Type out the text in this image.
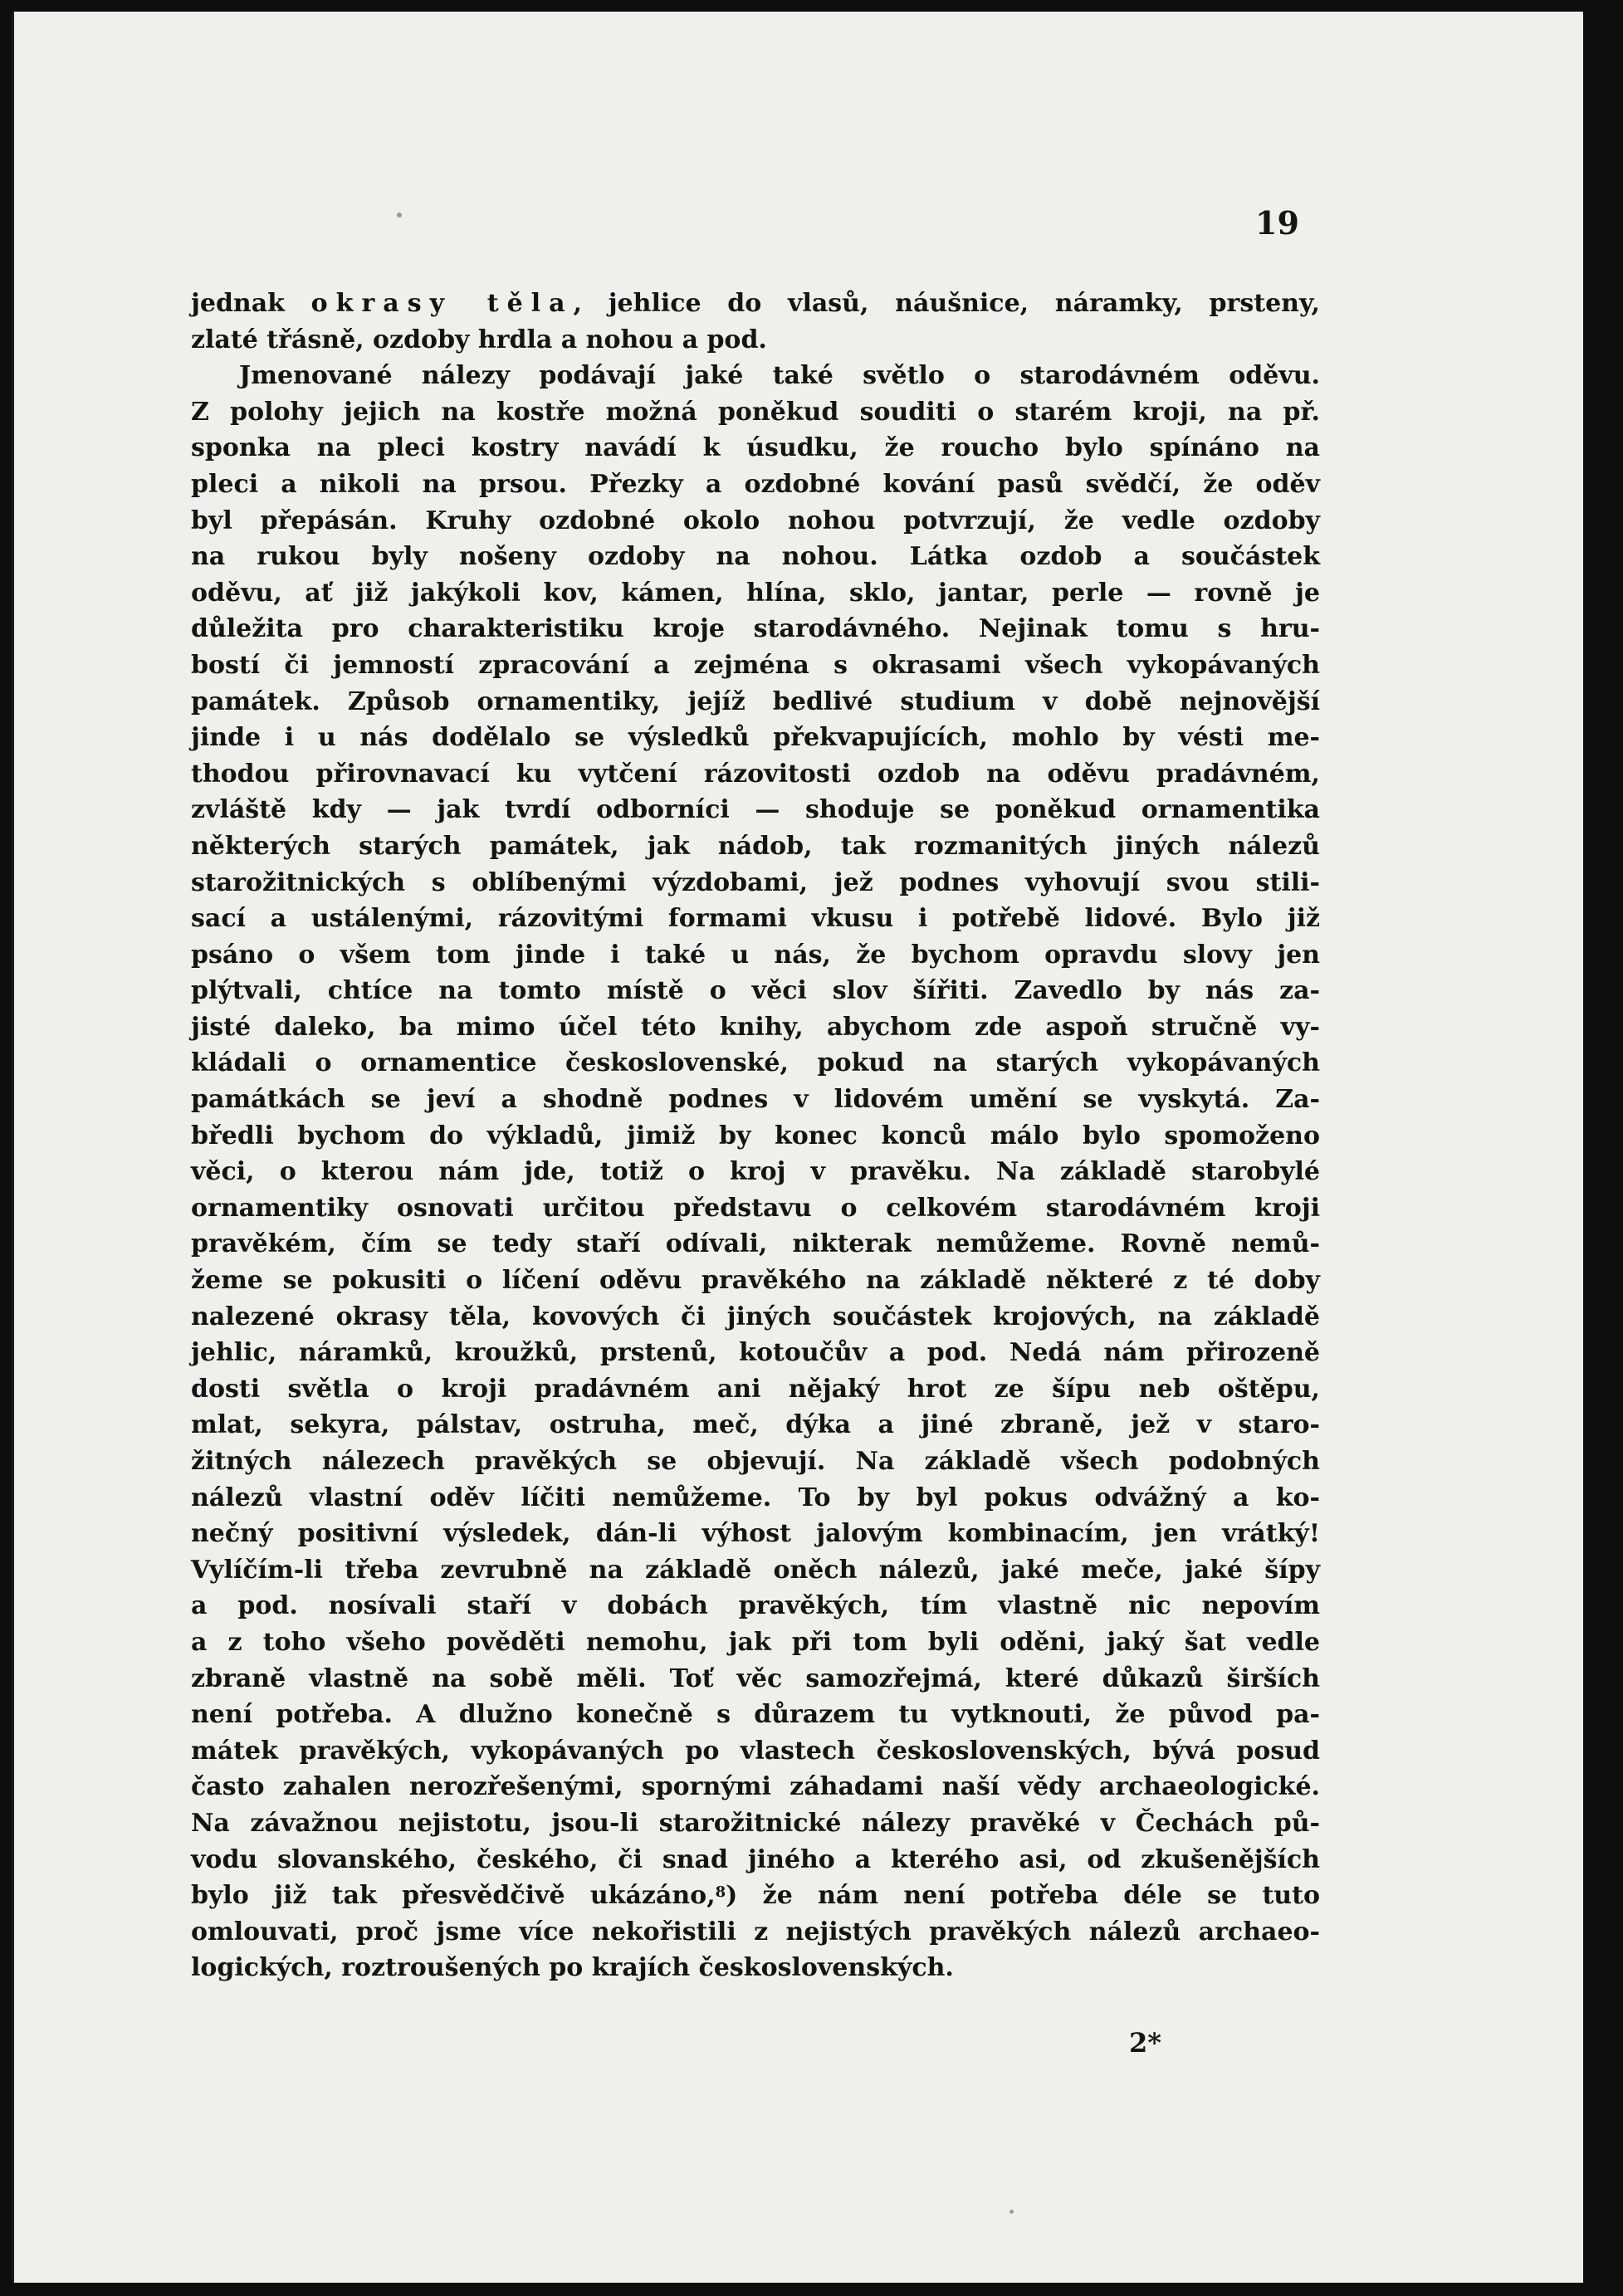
19
jednak okrasy těla, jehlice do vlasů, náušnice, náramky, prsteny,
zlaté třásně, ozdoby hrdla a nohou a pod.
Jmenované nálezy podávají jaké také světlo o starodávném oděvu.
Z polohy jejich na kostře možná poněkud souditi o starém kroji, na př.
sponka na pleci kostry navádí k úsudku, že roucho bylo spínáno na
pleci a nikoli na prsou. Přezky a ozdobné kování pasů svědčí, že oděv
byl přepásán. Kruhy ozdobné okolo nohou potvrzují, že vedle ozdoby
na rukou byly nošeny ozdoby na nohou. Látka ozdob a součástek
oděvu, ať již jakýkoli kov, kámen, hlína, sklo, jantar, perle — rovně je
důležita pro charakteristiku kroje starodávného. Nejinak tomu s hru-
bostí či jemností zpracování a zejména s okrasami všech vykopávaných
památek. Způsob ornamentiky, jejíž bedlivé studium v době nejnovější
jinde i u nás dodělalo se výsledků překvapujících, mohlo by vésti me-
thodou přirovnavací ku vytčení rázovitosti ozdob na oděvu pradávném,
zvláště kdy — jak tvrdí odborníci — shoduje se poněkud ornamentika
některých starých památek, jak nádob, tak rozmanitých jiných nálezů
starožitnických s oblíbenými výzdobami, jež podnes vyhovují svou stili-
sací a ustálenými, rázovitými formami vkusu i potřebě lidové. Bylo již
psáno o všem tom jinde i také u nás, že bychom opravdu slovy jen
plýtvali, chtíce na tomto místě o věci slov šířiti. Zavedlo by nás za-
jisté daleko, ba mimo účel této knihy, abychom zde aspoň stručně vy-
kládali o ornamentice československé, pokud na starých vykopávaných
památkách se jeví a shodně podnes v lidovém umění se vyskytá. Za-
bředli bychom do výkladů, jimiž by konec konců málo bylo spomoženo
věci, o kterou nám jde, totiž o kroj v pravěku. Na základě starobylé
ornamentiky osnovati určitou představu o celkovém starodávném kroji
pravěkém, čím se tedy staří odívali, nikterak nemůžeme. Rovně nemů-
žeme se pokusiti o líčení oděvu pravěkého na základě některé z té doby
nalezené okrasy těla, kovových či jiných součástek krojových, na základě
jehlic, náramků, kroužků, prstenů, kotoučův a pod. Nedá nám přirozeně
dosti světla o kroji pradávném ani nějaký hrot ze šípu neb oštěpu,
mlat, sekyra, pálstav, ostruha, meč, dýka a jiné zbraně, jež v staro-
žitných nálezech pravěkých se objevují. Na základě všech podobných
nálezů vlastní oděv líčiti nemůžeme. To by byl pokus odvážný a ko-
nečný positivní výsledek, dán-li výhost jalovým kombinacím, jen vrátký!
Vylíčím-li třeba zevrubně na základě oněch nálezů, jaké meče, jaké šípy
a pod. nosívali staří v dobách pravěkých, tím vlastně nic nepovím
a z toho všeho pověděti nemohu, jak při tom byli oděni, jaký šat vedle
zbraně vlastně na sobě měli. Toť věc samozřejmá, které důkazů širších
není potřeba. A dlužno konečně s důrazem tu vytknouti, že původ pa-
mátek pravěkých, vykopávaných po vlastech československých, bývá posud
často zahalen nerozřešenými, spornými záhadami naší vědy archaeologické.
Na závažnou nejistotu, jsou-li starožitnické nálezy pravěké v Čechách pů-
vodu slovanského, českého, či snad jiného a kterého asi, od zkušenějších
bylo již tak přesvědčivě ukázáno,$^8$) že nám není potřeba déle se tuto
omlouvati, proč jsme více nekořistili z nejistých pravěkých nálezů archaeo-
logických, roztroušených po krajích československých.
2*
